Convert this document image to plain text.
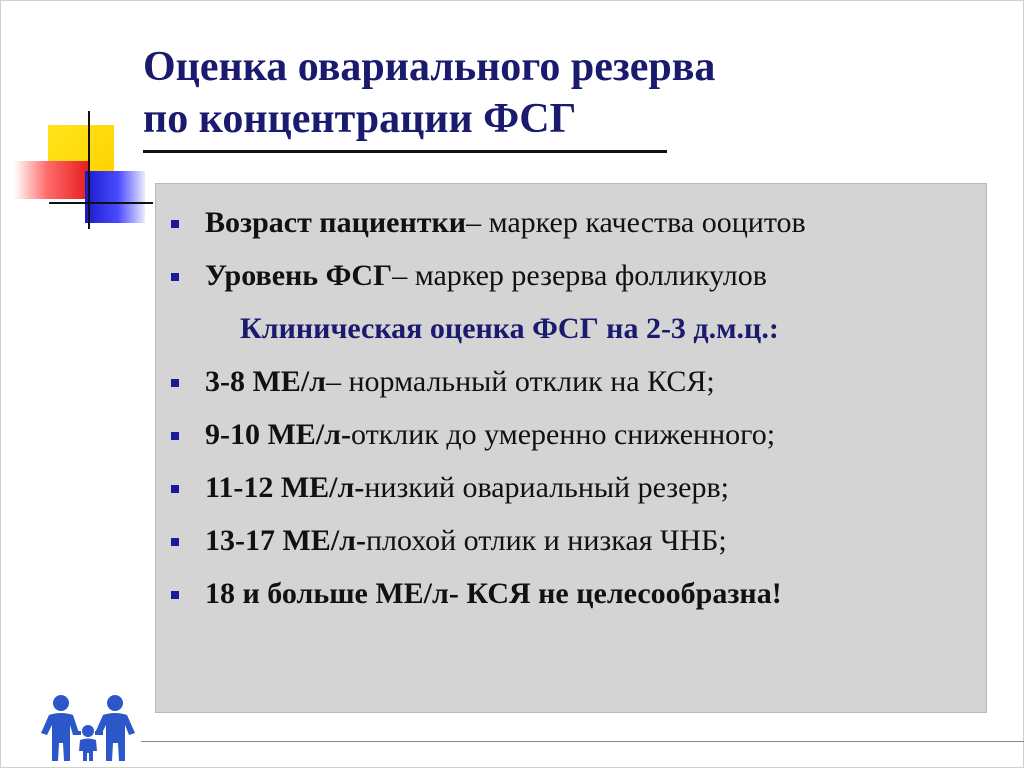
Оценка овариального резерва
по концентрации ФСГ
Возраст пациентки – маркер качества ооцитов
Уровень ФСГ – маркер резерва фолликулов
Клиническая оценка ФСГ на 2-3 д.м.ц.:
3-8 МЕ/л – нормальный отклик на КСЯ;
9-10 МЕ/л- отклик до умеренно сниженного;
11-12 МЕ/л- низкий овариальный резерв;
13-17 МЕ/л- плохой отлик и низкая ЧНБ;
18 и больше МЕ/л- КСЯ не целесообразна!
